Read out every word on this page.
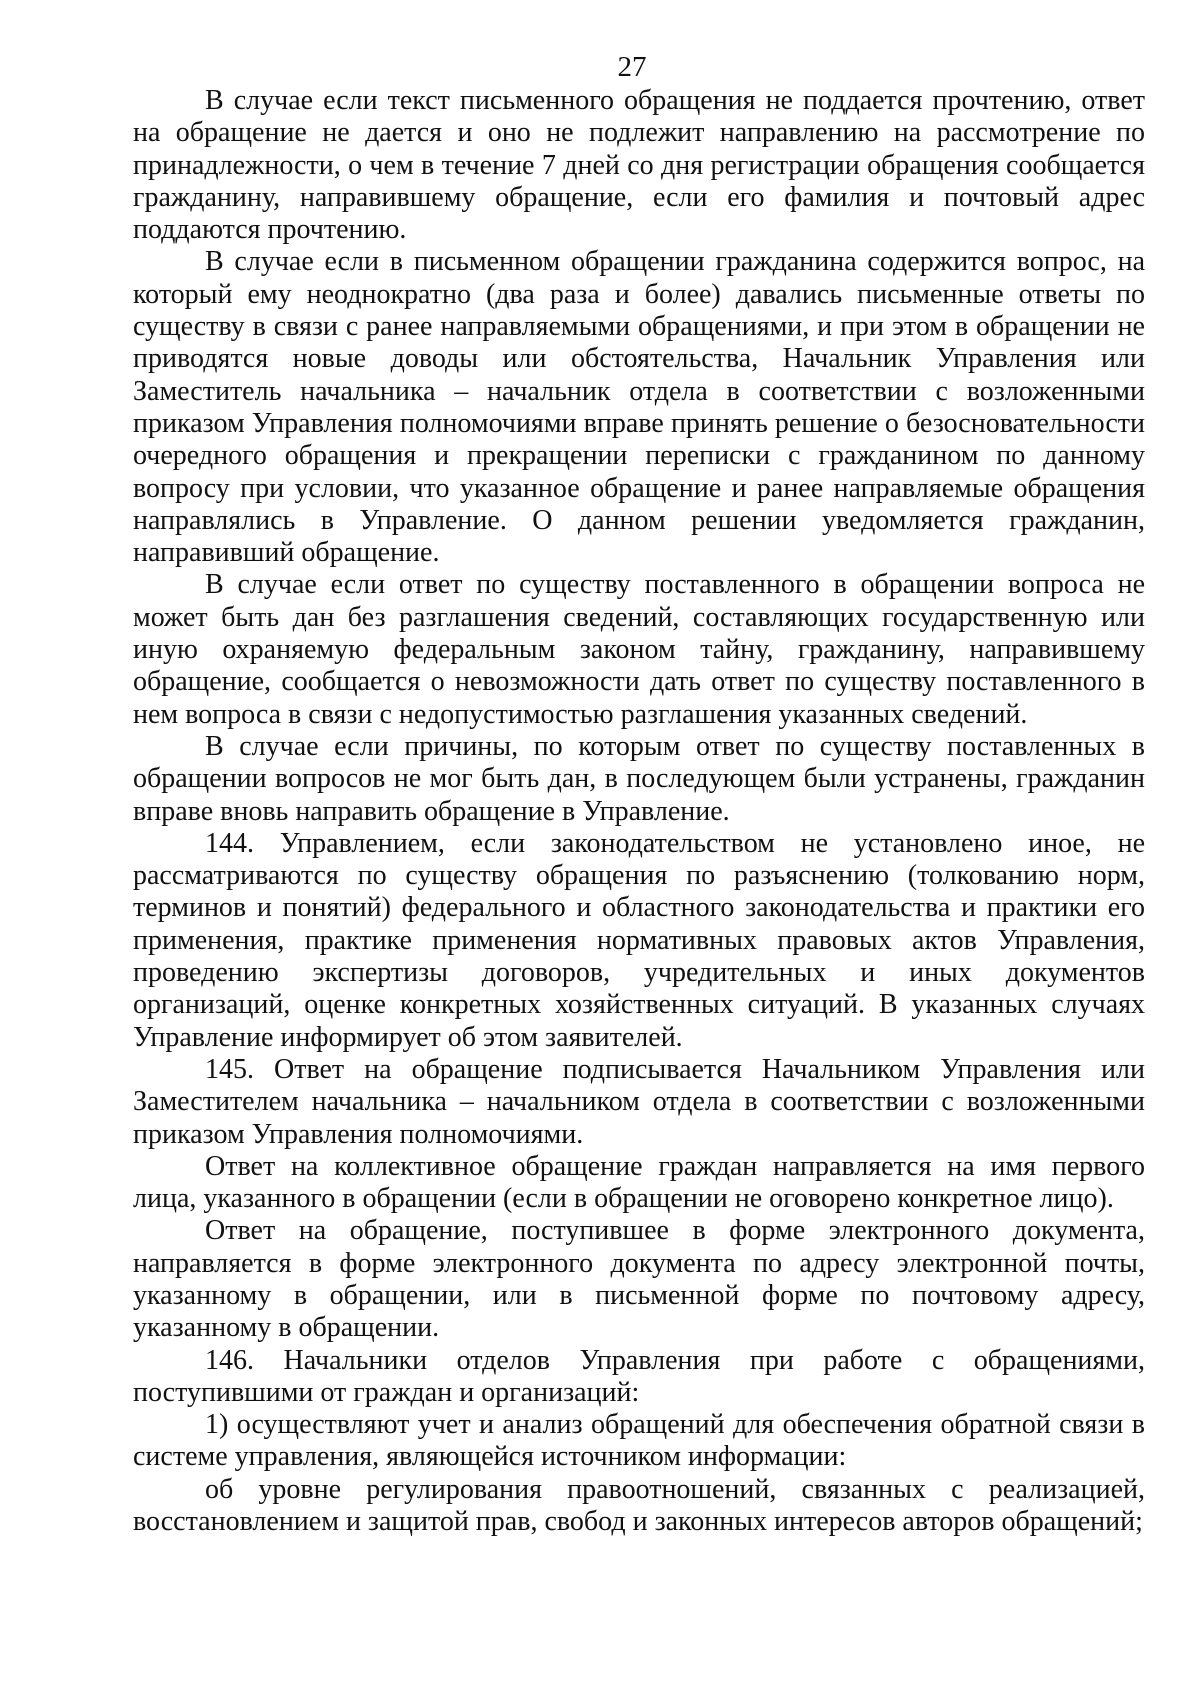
27

В случае если текст письменного обращения не поддается прочтению, ответ на обращение не дается и оно не подлежит направлению на рассмотрение по принадлежности, о чем в течение 7 дней со дня регистрации обращения сообщается гражданину, направившему обращение, если его фамилия и почтовый адрес поддаются прочтению.

В случае если в письменном обращении гражданина содержится вопрос, на который ему неоднократно (два раза и более) давались письменные ответы по существу в связи с ранее направляемыми обращениями, и при этом в обращении не приводятся новые доводы или обстоятельства, Начальник Управления или Заместитель начальника – начальник отдела в соответствии с возложенными приказом Управления полномочиями вправе принять решение о безосновательности очередного обращения и прекращении переписки с гражданином по данному вопросу при условии, что указанное обращение и ранее направляемые обращения направлялись в Управление. О данном решении уведомляется гражданин, направивший обращение.

В случае если ответ по существу поставленного в обращении вопроса не может быть дан без разглашения сведений, составляющих государственную или иную охраняемую федеральным законом тайну, гражданину, направившему обращение, сообщается о невозможности дать ответ по существу поставленного в нем вопроса в связи с недопустимостью разглашения указанных сведений.

В случае если причины, по которым ответ по существу поставленных в обращении вопросов не мог быть дан, в последующем были устранены, гражданин вправе вновь направить обращение в Управление.

144. Управлением, если законодательством не установлено иное, не рассматриваются по существу обращения по разъяснению (толкованию норм, терминов и понятий) федерального и областного законодательства и практики его применения, практике применения нормативных правовых актов Управления, проведению экспертизы договоров, учредительных и иных документов организаций, оценке конкретных хозяйственных ситуаций. В указанных случаях Управление информирует об этом заявителей.

145. Ответ на обращение подписывается Начальником Управления или Заместителем начальника – начальником отдела в соответствии с возложенными приказом Управления полномочиями.

Ответ на коллективное обращение граждан направляется на имя первого лица, указанного в обращении (если в обращении не оговорено конкретное лицо).

Ответ на обращение, поступившее в форме электронного документа, направляется в форме электронного документа по адресу электронной почты, указанному в обращении, или в письменной форме по почтовому адресу, указанному в обращении.

146. Начальники отделов Управления при работе с обращениями, поступившими от граждан и организаций:

1) осуществляют учет и анализ обращений для обеспечения обратной связи в системе управления, являющейся источником информации:

об уровне регулирования правоотношений, связанных с реализацией, восстановлением и защитой прав, свобод и законных интересов авторов обращений;
